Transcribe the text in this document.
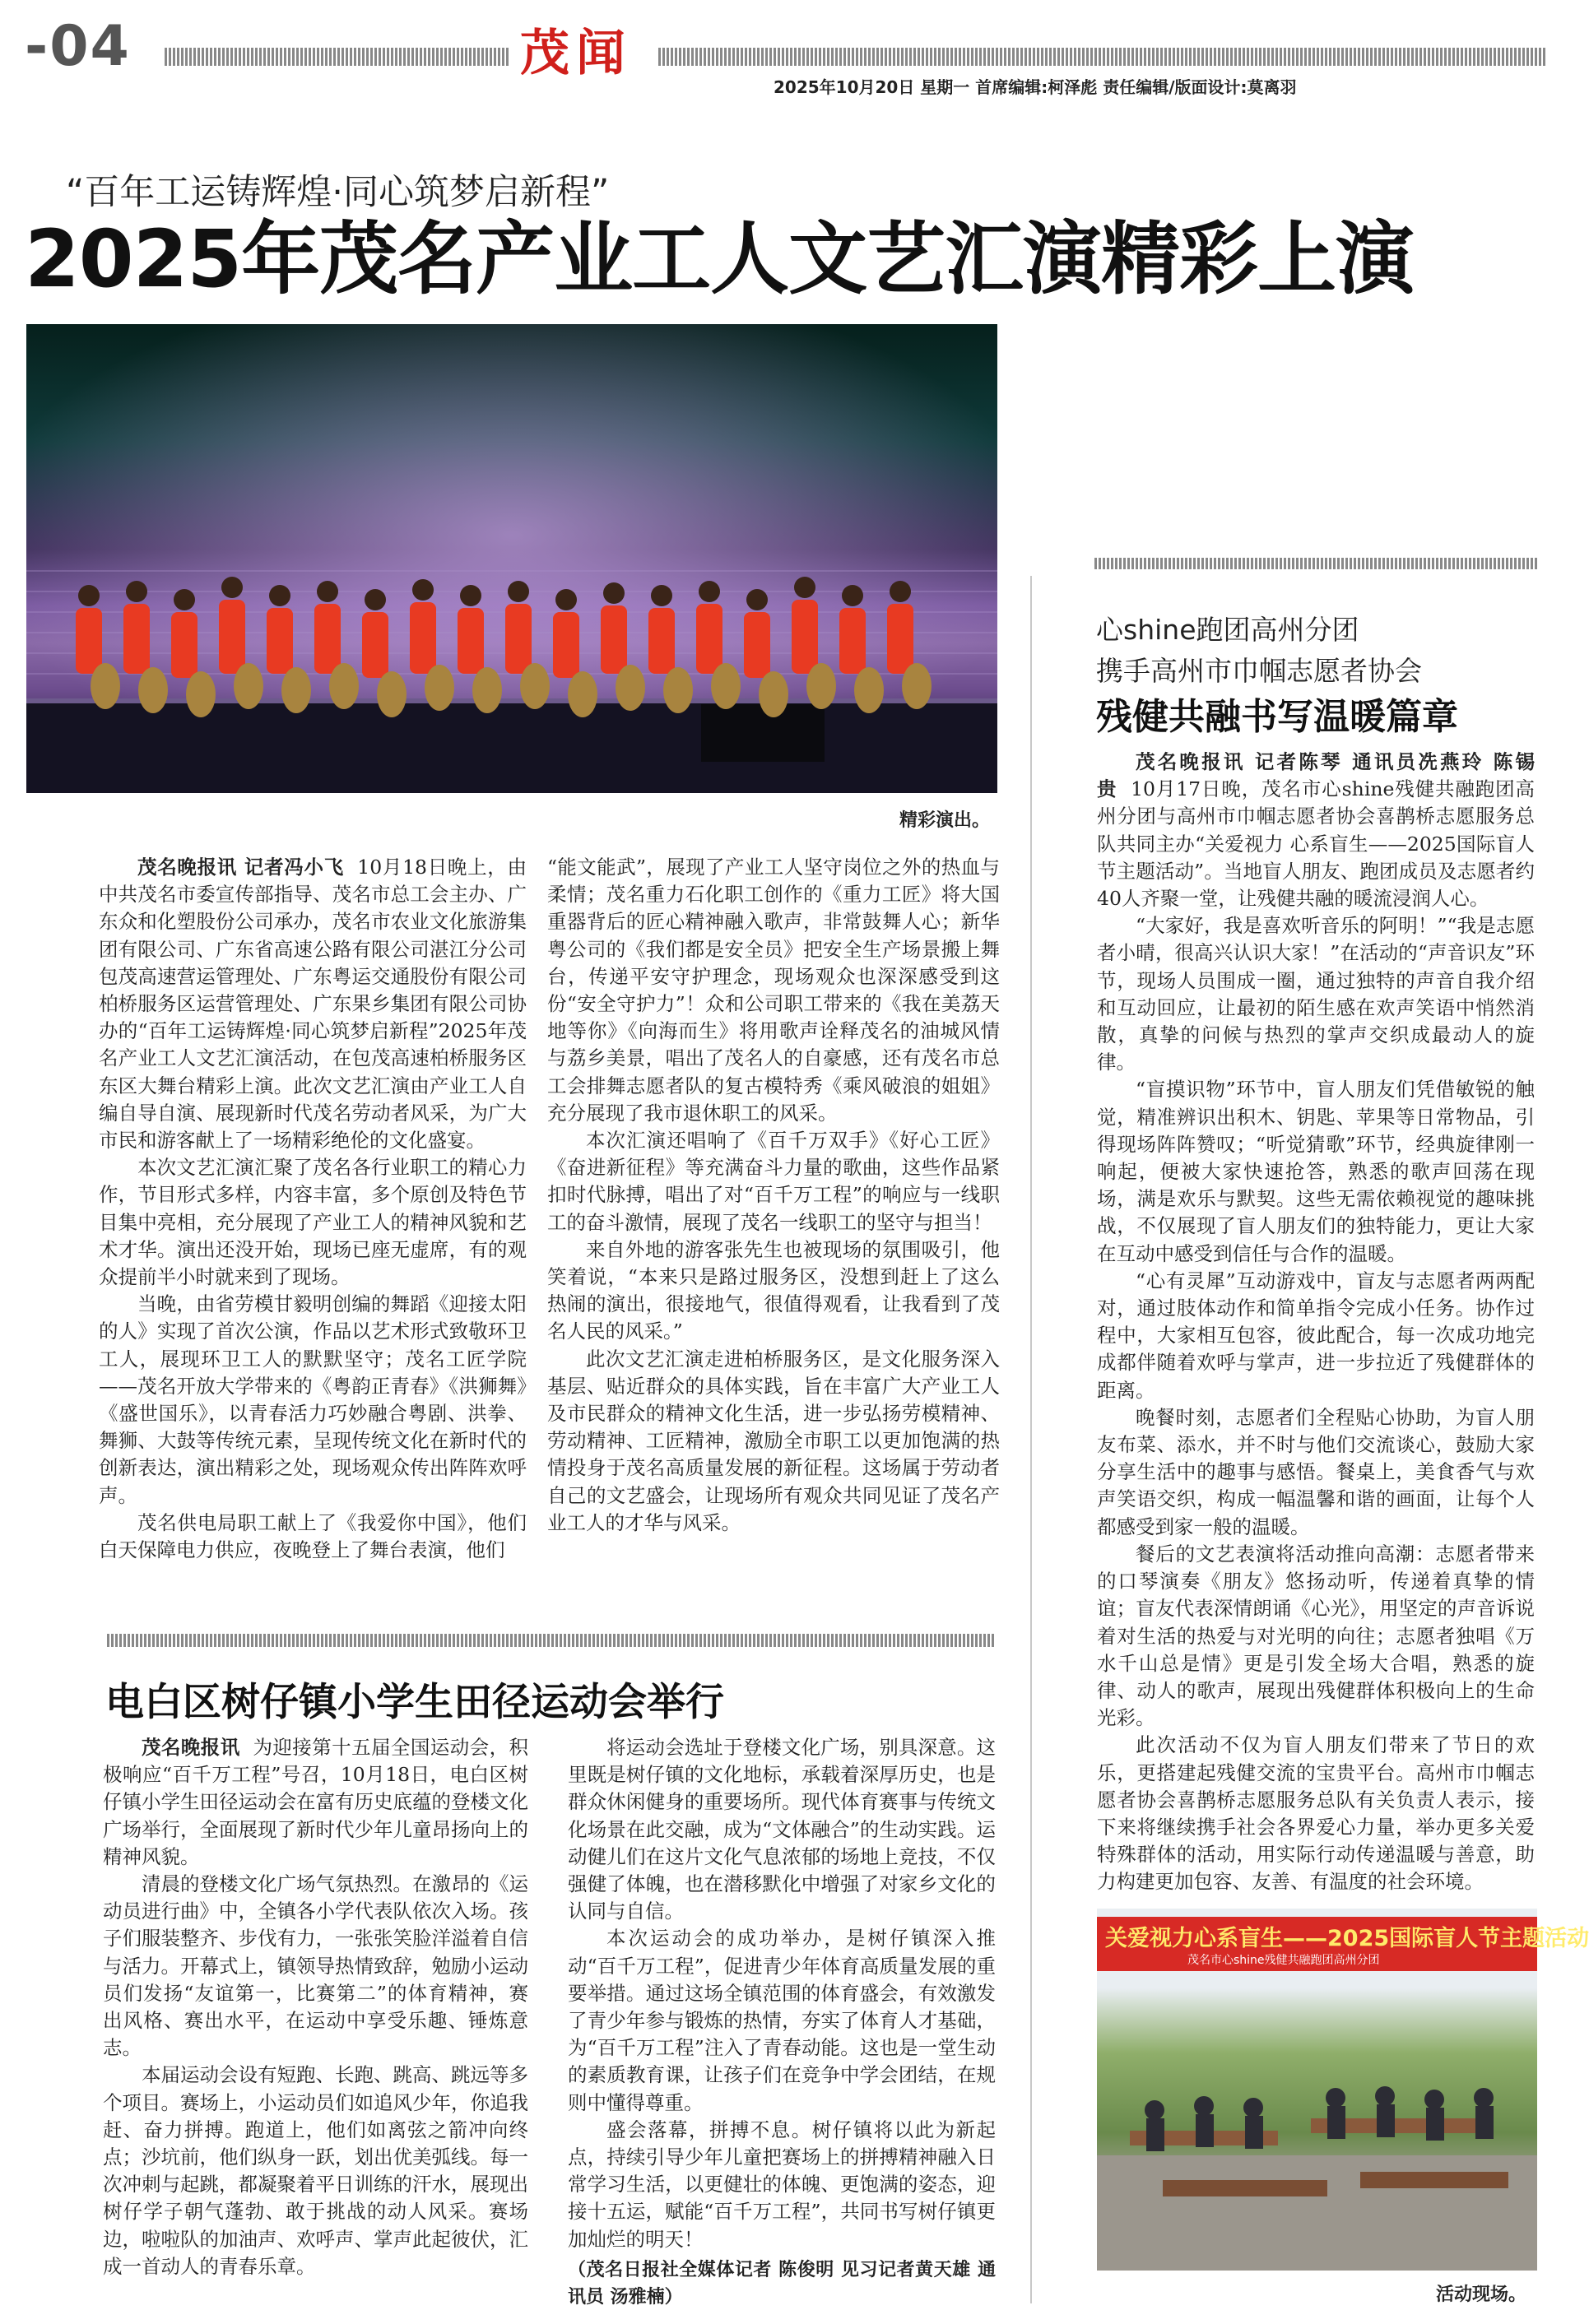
-04	茂闻
2025年10月20日 星期一 首席编辑:柯泽彪 责任编辑/版面设计:莫离羽
“百年工运铸辉煌·同心筑梦启新程”
2025年茂名产业工人文艺汇演精彩上演
精彩演出。

茂名晚报讯 记者冯小飞 10月18日晚上，由中共茂名市委宣传部指导、茂名市总工会主办、广东众和化塑股份公司承办，茂名市农业文化旅游集团有限公司、广东省高速公路有限公司湛江分公司包茂高速营运管理处、广东粤运交通股份有限公司柏桥服务区运营管理处、广东果乡集团有限公司协办的“百年工运铸辉煌·同心筑梦启新程”2025年茂名产业工人文艺汇演活动，在包茂高速柏桥服务区东区大舞台精彩上演。此次文艺汇演由产业工人自编自导自演、展现新时代茂名劳动者风采，为广大市民和游客献上了一场精彩绝伦的文化盛宴。

本次文艺汇演汇聚了茂名各行业职工的精心力作，节目形式多样，内容丰富，多个原创及特色节目集中亮相，充分展现了产业工人的精神风貌和艺术才华。演出还没开始，现场已座无虚席，有的观众提前半小时就来到了现场。

当晚，由省劳模甘毅明创编的舞蹈《迎接太阳的人》实现了首次公演，作品以艺术形式致敬环卫工人，展现环卫工人的默默坚守；茂名工匠学院——茂名开放大学带来的《粤韵正青春》《洪狮舞》《盛世国乐》，以青春活力巧妙融合粤剧、洪拳、舞狮、大鼓等传统元素，呈现传统文化在新时代的创新表达，演出精彩之处，现场观众传出阵阵欢呼声。

茂名供电局职工献上了《我爱你中国》，他们白天保障电力供应，夜晚登上了舞台表演，他们

“能文能武”，展现了产业工人坚守岗位之外的热血与柔情；茂名重力石化职工创作的《重力工匠》将大国重器背后的匠心精神融入歌声，非常鼓舞人心；新华粤公司的《我们都是安全员》把安全生产场景搬上舞台，传递平安守护理念，现场观众也深深感受到这份“安全守护力”！众和公司职工带来的《我在美荔天地等你》《向海而生》将用歌声诠释茂名的油城风情与荔乡美景，唱出了茂名人的自豪感，还有茂名市总工会排舞志愿者队的复古模特秀《乘风破浪的姐姐》充分展现了我市退休职工的风采。

本次汇演还唱响了《百千万双手》《好心工匠》《奋进新征程》等充满奋斗力量的歌曲，这些作品紧扣时代脉搏，唱出了对“百千万工程”的响应与一线职工的奋斗激情，展现了茂名一线职工的坚守与担当！

来自外地的游客张先生也被现场的氛围吸引，他笑着说，“本来只是路过服务区，没想到赶上了这么热闹的演出，很接地气，很值得观看，让我看到了茂名人民的风采。”

此次文艺汇演走进柏桥服务区，是文化服务深入基层、贴近群众的具体实践，旨在丰富广大产业工人及市民群众的精神文化生活，进一步弘扬劳模精神、劳动精神、工匠精神，激励全市职工以更加饱满的热情投身于茂名高质量发展的新征程。这场属于劳动者自己的文艺盛会，让现场所有观众共同见证了茂名产业工人的才华与风采。

电白区树仔镇小学生田径运动会举行

茂名晚报讯 为迎接第十五届全国运动会，积极响应“百千万工程”号召，10月18日，电白区树仔镇小学生田径运动会在富有历史底蕴的登楼文化广场举行，全面展现了新时代少年儿童昂扬向上的精神风貌。

清晨的登楼文化广场气氛热烈。在激昂的《运动员进行曲》中，全镇各小学代表队依次入场。孩子们服装整齐、步伐有力，一张张笑脸洋溢着自信与活力。开幕式上，镇领导热情致辞，勉励小运动员们发扬“友谊第一，比赛第二”的体育精神，赛出风格、赛出水平，在运动中享受乐趣、锤炼意志。

本届运动会设有短跑、长跑、跳高、跳远等多个项目。赛场上，小运动员们如追风少年，你追我赶、奋力拼搏。跑道上，他们如离弦之箭冲向终点；沙坑前，他们纵身一跃，划出优美弧线。每一次冲刺与起跳，都凝聚着平日训练的汗水，展现出树仔学子朝气蓬勃、敢于挑战的动人风采。赛场边，啦啦队的加油声、欢呼声、掌声此起彼伏，汇成一首动人的青春乐章。

将运动会选址于登楼文化广场，别具深意。这里既是树仔镇的文化地标，承载着深厚历史，也是群众休闲健身的重要场所。现代体育赛事与传统文化场景在此交融，成为“文体融合”的生动实践。运动健儿们在这片文化气息浓郁的场地上竞技，不仅强健了体魄，也在潜移默化中增强了对家乡文化的认同与自信。

本次运动会的成功举办，是树仔镇深入推动“百千万工程”，促进青少年体育高质量发展的重要举措。通过这场全镇范围的体育盛会，有效激发了青少年参与锻炼的热情，夯实了体育人才基础，为“百千万工程”注入了青春动能。这也是一堂生动的素质教育课，让孩子们在竞争中学会团结，在规则中懂得尊重。

盛会落幕，拼搏不息。树仔镇将以此为新起点，持续引导少年儿童把赛场上的拼搏精神融入日常学习生活，以更健壮的体魄、更饱满的姿态，迎接十五运，赋能“百千万工程”，共同书写树仔镇更加灿烂的明天！

（茂名日报社全媒体记者 陈俊明 见习记者黄天雄 通讯员 汤雅楠）

心shine跑团高州分团
携手高州市巾帼志愿者协会
残健共融书写温暖篇章

茂名晚报讯 记者陈琴 通讯员冼燕玲 陈锡贵 10月17日晚，茂名市心shine残健共融跑团高州分团与高州市巾帼志愿者协会喜鹊桥志愿服务总队共同主办“关爱视力 心系盲生——2025国际盲人节主题活动”。当地盲人朋友、跑团成员及志愿者约40人齐聚一堂，让残健共融的暖流浸润人心。

“大家好，我是喜欢听音乐的阿明！”“我是志愿者小晴，很高兴认识大家！”在活动的“声音识友”环节，现场人员围成一圈，通过独特的声音自我介绍和互动回应，让最初的陌生感在欢声笑语中悄然消散，真挚的问候与热烈的掌声交织成最动人的旋律。

“盲摸识物”环节中，盲人朋友们凭借敏锐的触觉，精准辨识出积木、钥匙、苹果等日常物品，引得现场阵阵赞叹；“听觉猜歌”环节，经典旋律刚一响起，便被大家快速抢答，熟悉的歌声回荡在现场，满是欢乐与默契。这些无需依赖视觉的趣味挑战，不仅展现了盲人朋友们的独特能力，更让大家在互动中感受到信任与合作的温暖。

“心有灵犀”互动游戏中，盲友与志愿者两两配对，通过肢体动作和简单指令完成小任务。协作过程中，大家相互包容，彼此配合，每一次成功地完成都伴随着欢呼与掌声，进一步拉近了残健群体的距离。

晚餐时刻，志愿者们全程贴心协助，为盲人朋友布菜、添水，并不时与他们交流谈心，鼓励大家分享生活中的趣事与感悟。餐桌上，美食香气与欢声笑语交织，构成一幅温馨和谐的画面，让每个人都感受到家一般的温暖。

餐后的文艺表演将活动推向高潮：志愿者带来的口琴演奏《朋友》悠扬动听，传递着真挚的情谊；盲友代表深情朗诵《心光》，用坚定的声音诉说着对生活的热爱与对光明的向往；志愿者独唱《万水千山总是情》更是引发全场大合唱，熟悉的旋律、动人的歌声，展现出残健群体积极向上的生命光彩。

此次活动不仅为盲人朋友们带来了节日的欢乐，更搭建起残健交流的宝贵平台。高州市巾帼志愿者协会喜鹊桥志愿服务总队有关负责人表示，接下来将继续携手社会各界爱心力量，举办更多关爱特殊群体的活动，用实际行动传递温暖与善意，助力构建更加包容、友善、有温度的社会环境。

关爱视力心系盲生——2025国际盲人节主题活动
茂名市心shine残健共融跑团高州分团
活动现场。
